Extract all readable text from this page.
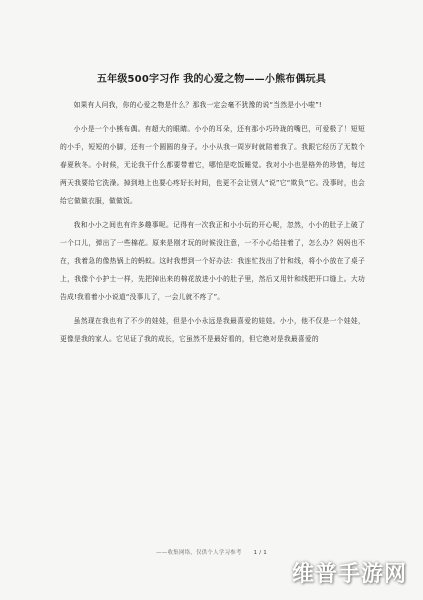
五年级500字习作 我的心爱之物——小熊布偶玩具

如果有人问我，你的心爱之物是什么？那我一定会毫不犹豫的说“当然是小小啦”!

小小是一个小熊布偶。有超大的眼睛。小小的耳朵，还有那小巧玲珑的嘴巴，可爱极了！短短的小手，短短的小脚，还有一个圆圆的身子。小小从我一周岁时就陪着我了。我跟它经历了无数个春夏秋冬。小时候，无论我干什么都要带着它，哪怕是吃饭睡觉。我对小小也是格外的珍惜，每过两天我要给它洗澡。掉到地上也要心疼好长时间，也更不会让别人“说”它“欺负”它。没事时，也会给它做做衣服，做做饭。

我和小小之间也有许多趣事呢。记得有一次我正和小小玩的开心呢，忽然，小小的肚子上破了一个口儿，弹出了一些棉花。原来是刚才玩的时候没注意，一不小心给挂着了，怎么办？妈妈也不在，我着急的像热锅上的蚂蚁。这时我想到一个好办法：我连忙找出了针和线，将小小放在了桌子上，我像个小护士一样，先把掉出来的棉花放进小小的肚子里，然后又用针和线把开口缝上。大功告成!我看着小小说道“没事儿了，一会儿就不疼了”。

虽然现在我也有了不少的娃娃，但是小小永远是我最喜爱的娃娃。小小，他不仅是一个娃娃，更像是我的家人。它见证了我的成长，它虽然不是最好看的，但它绝对是我最喜爱的

——收集网络，仅供个人学习参考 1 / 1
维普手游网
